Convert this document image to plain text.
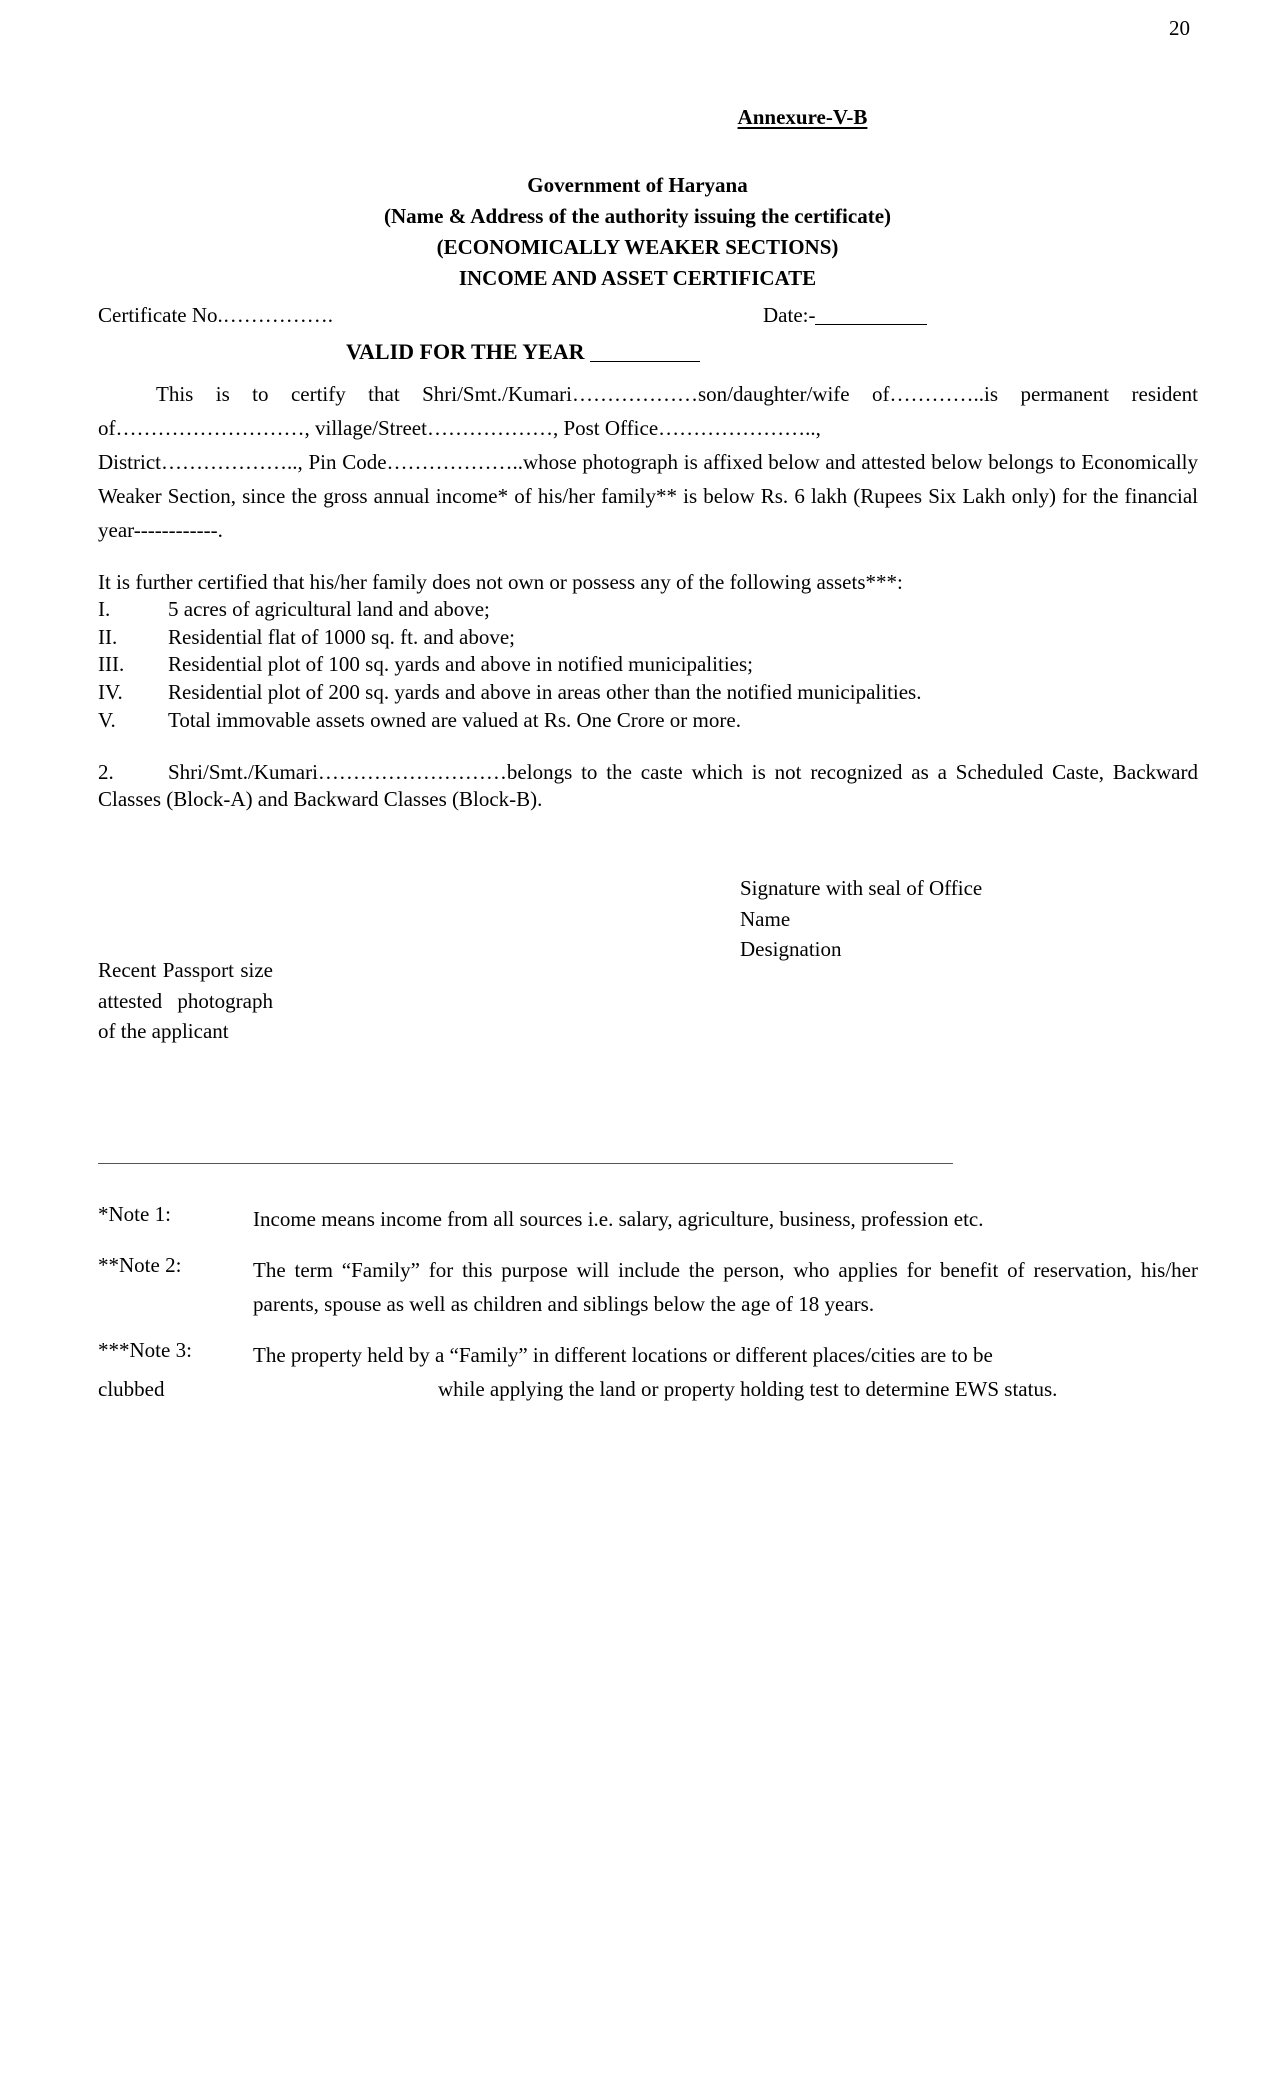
20
Annexure-V-B
Government of Haryana
(Name & Address of the authority issuing the certificate)
(ECONOMICALLY WEAKER SECTIONS)
INCOME AND ASSET CERTIFICATE
Certificate No.…………….	Date:-
VALID FOR THE YEAR

This is to certify that Shri/Smt./Kumari………………son/daughter/wife of…………..is permanent resident of………………………, village/Street………………, Post Office…………………..,

District……………….., Pin Code………………..whose photograph is affixed below and attested below belongs to Economically Weaker Section, since the gross annual income* of his/her family** is below Rs. 6 lakh (Rupees Six Lakh only) for the financial year------------.

It is further certified that his/her family does not own or possess any of the following assets***:
I.	5 acres of agricultural land and above;
II. Residential flat of 1000 sq. ft. and above;
III. Residential plot of 100 sq. yards and above in notified municipalities;
IV. Residential plot of 200 sq. yards and above in areas other than the notified municipalities.
V. Total immovable assets owned are valued at Rs. One Crore or more.
2.	Shri/Smt./Kumari………………………belongs to the caste which is not recognized as a Scheduled Caste, Backward Classes (Block-A) and Backward Classes (Block-B).
Signature with seal of Office
Name
Designation
Recent Passport size attested photograph of the applicant
*Note 1:	Income means income from all sources i.e. salary, agriculture, business, profession etc.
**Note 2:	The term “Family” for this purpose will include the person, who applies for benefit of reservation, his/her parents, spouse as well as children and siblings below the age of 18 years.
***Note 3:	The property held by a “Family” in different locations or different places/cities are to be
clubbed	while applying the land or property holding test to determine EWS status.
